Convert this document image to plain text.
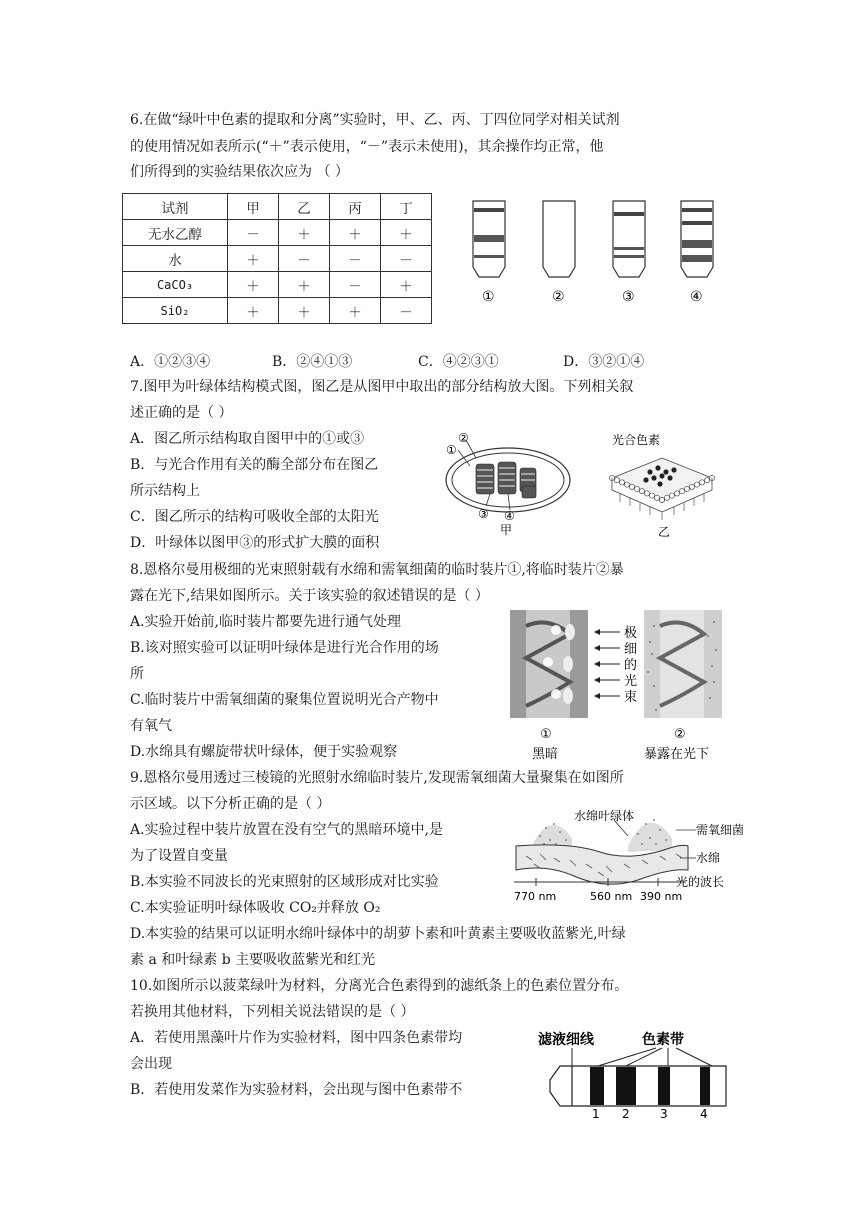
6.在做“绿叶中色素的提取和分离”实验时，甲、乙、丙、丁四位同学对相关试剂
的使用情况如表所示(“＋”表示使用，“－”表示未使用)，其余操作均正常，他
们所得到的实验结果依次应为 （ ）
试剂	甲	乙	丙	丁
无水乙醇	－	＋	＋	＋
水	＋	－	－	－
CaCO₃	＋	＋	－	＋
SiO₂	＋	＋	＋	－
①	②	③	④
A．①②③④	B．②④①③	C．④②③①	D．③②①④
7.图甲为叶绿体结构模式图，图乙是从图甲中取出的部分结构放大图。下列相关叙
述正确的是（ ）
A．图乙所示结构取自图甲中的①或③
B．与光合作用有关的酶全部分布在图乙
所示结构上
C．图乙所示的结构可吸收全部的太阳光
D．叶绿体以图甲③的形式扩大膜的面积
①
②
③ ④
甲
光合色素
乙
8.恩格尔曼用极细的光束照射载有水绵和需氧细菌的临时装片①,将临时装片②暴
露在光下,结果如图所示。关于该实验的叙述错误的是（ ）
A.实验开始前,临时装片都要先进行通气处理
B.该对照实验可以证明叶绿体是进行光合作用的场
所
C.临时装片中需氧细菌的聚集位置说明光合产物中
有氧气
D.水绵具有螺旋带状叶绿体，便于实验观察
极
细
的
光
束
①	②
黑暗	暴露在光下
9.恩格尔曼用透过三棱镜的光照射水绵临时装片,发现需氧细菌大量聚集在如图所
示区域。以下分析正确的是（ ）
A.实验过程中装片放置在没有空气的黑暗环境中,是
为了设置自变量
B.本实验不同波长的光束照射的区域形成对比实验
C.本实验证明叶绿体吸收 CO₂并释放 O₂
D.本实验的结果可以证明水绵叶绿体中的胡萝卜素和叶黄素主要吸收蓝紫光,叶绿
素 a 和叶绿素 b 主要吸收蓝紫光和红光
水绵叶绿体
需氧细菌
水绵
770 nm	560 nm 390 nm
光的波长
10.如图所示以菠菜绿叶为材料，分离光合色素得到的滤纸条上的色素位置分布。
若换用其他材料，下列相关说法错误的是（ ）
A．若使用黑藻叶片作为实验材料，图中四条色素带均
会出现
B．若使用发菜作为实验材料，会出现与图中色素带不
滤液细线	色素带
1 2	3	4
